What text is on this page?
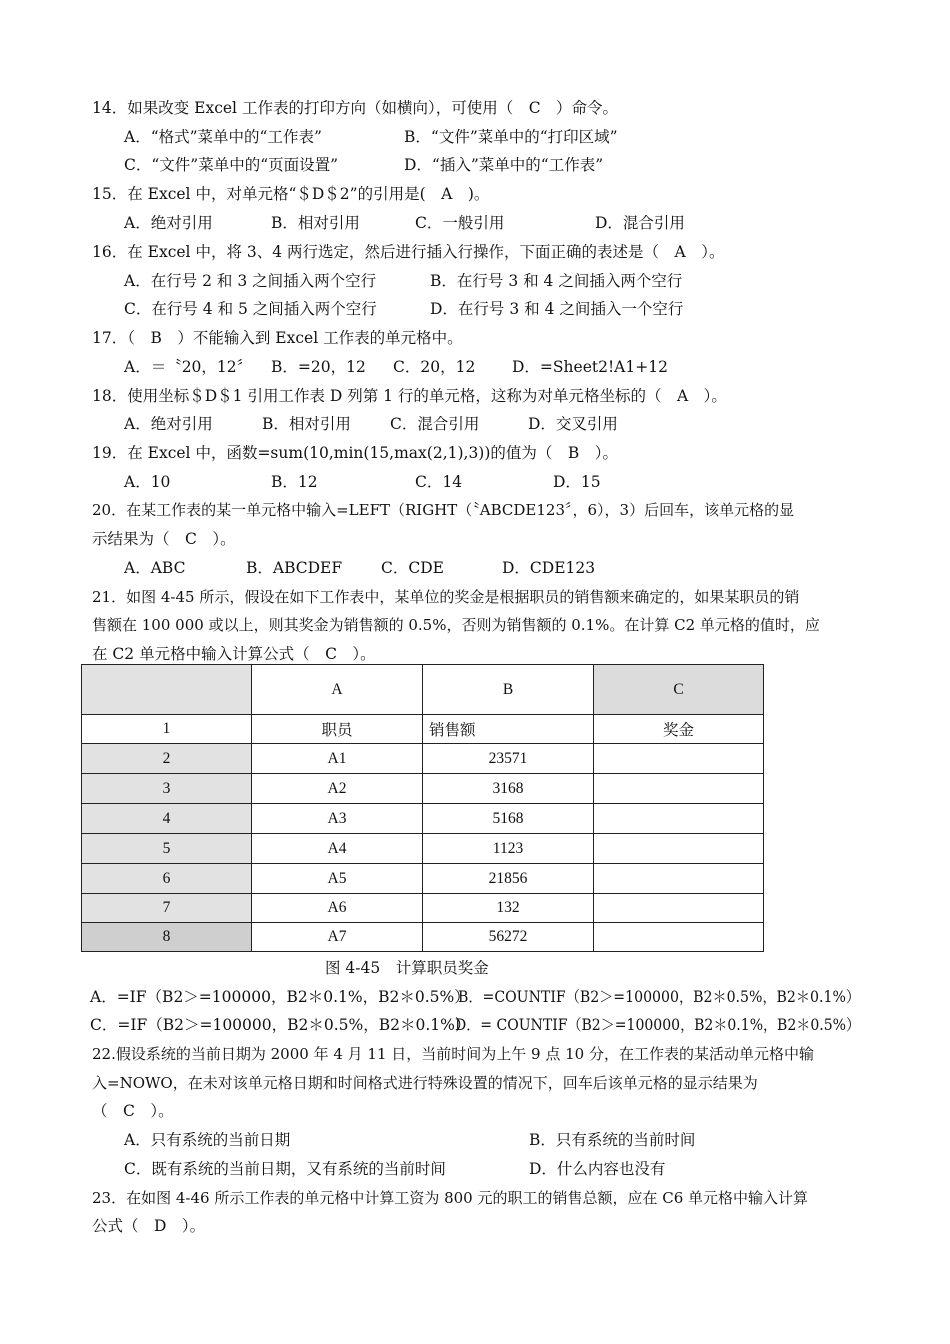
14．如果改变 Excel 工作表的打印方向（如横向），可使用（　C　）命令。
A．“格式”菜单中的“工作表”	B．“文件”菜单中的“打印区域”
C．“文件”菜单中的“页面设置”	D．“插入”菜单中的“工作表”
15．在 Excel 中，对单元格“＄D＄2”的引用是(　A　)。
A．绝对引用	B．相对引用	C．一般引用	D．混合引用
16．在 Excel 中，将 3、4 两行选定，然后进行插入行操作，下面正确的表述是（　A　）。
A．在行号 2 和 3 之间插入两个空行	B．在行号 3 和 4 之间插入两个空行
C．在行号 4 和 5 之间插入两个空行	D．在行号 3 和 4 之间插入一个空行
17．（　B　）不能输入到 Excel 工作表的单元格中。
A．＝〝20，12〞 B．=20，12 C．20，12 D．=Sheet2!A1+12
18．使用坐标＄D＄1 引用工作表 D 列第 1 行的单元格，这称为对单元格坐标的（　A　）。
A．绝对引用	B．相对引用	C．混合引用	D．交叉引用
19．在 Excel 中，函数=sum(10,min(15,max(2,1),3))的值为（　B　）。
A．10	B．12	C．14	D．15
20．在某工作表的某一单元格中输入=LEFT（RIGHT（〝ABCDE123〞，6），3）后回车，该单元格的显
示结果为（　C　）。
A．ABC	B．ABCDEF	C．CDE	D．CDE123
21．如图 4-45 所示，假设在如下工作表中，某单位的奖金是根据职员的销售额来确定的，如果某职员的销
售额在 100 000 或以上，则其奖金为销售额的 0.5%，否则为销售额的 0.1%。在计算 C2 单元格的值时，应
在 C2 单元格中输入计算公式（　C　）。
	A	B	C
1	职员	销售额	奖金
2	A1	23571	
3	A2	3168	
4	A3	5168	
5	A4	1123	
6	A5	21856	
7	A6	132	
8	A7	56272	
图 4-45　计算职员奖金
A．=IF（B2＞=100000，B2＊0.1%，B2＊0.5%）
B．=COUNTIF（B2＞=100000，B2＊0.5%，B2＊0.1%）
C．=IF（B2＞=100000，B2＊0.5%，B2＊0.1%）
D．= COUNTIF（B2＞=100000，B2＊0.1%，B2＊0.5%）
22.假设系统的当前日期为 2000 年 4 月 11 日，当前时间为上午 9 点 10 分，在工作表的某活动单元格中输
入=NOWO，在未对该单元格日期和时间格式进行特殊设置的情况下，回车后该单元格的显示结果为
（　C　）。
A．只有系统的当前日期	B．只有系统的当前时间
C．既有系统的当前日期，又有系统的当前时间	D．什么内容也没有
23．在如图 4-46 所示工作表的单元格中计算工资为 800 元的职工的销售总额，应在 C6 单元格中输入计算
公式（　D　）。
